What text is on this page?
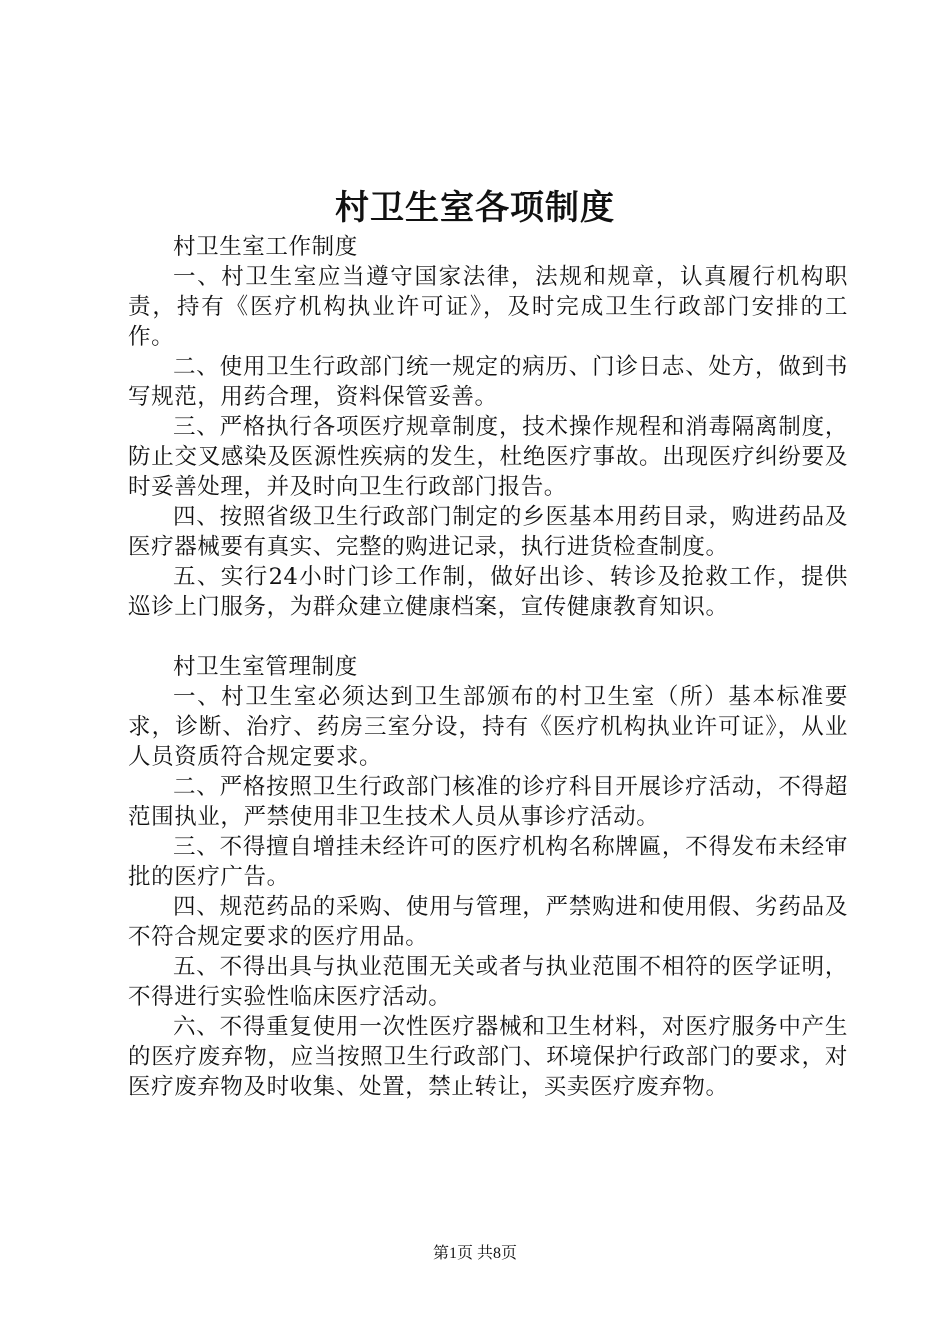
村卫生室各项制度

村卫生室工作制度

一、村卫生室应当遵守国家法律，法规和规章，认真履行机构职责，持有《医疗机构执业许可证》，及时完成卫生行政部门安排的工作。

二、使用卫生行政部门统一规定的病历、门诊日志、处方，做到书写规范，用药合理，资料保管妥善。

三、严格执行各项医疗规章制度，技术操作规程和消毒隔离制度，防止交叉感染及医源性疾病的发生，杜绝医疗事故。出现医疗纠纷要及时妥善处理，并及时向卫生行政部门报告。

四、按照省级卫生行政部门制定的乡医基本用药目录，购进药品及医疗器械要有真实、完整的购进记录，执行进货检查制度。

五、实行24小时门诊工作制，做好出诊、转诊及抢救工作，提供巡诊上门服务，为群众建立健康档案，宣传健康教育知识。

村卫生室管理制度

一、村卫生室必须达到卫生部颁布的村卫生室（所）基本标准要求，诊断、治疗、药房三室分设，持有《医疗机构执业许可证》，从业人员资质符合规定要求。

二、严格按照卫生行政部门核准的诊疗科目开展诊疗活动，不得超范围执业，严禁使用非卫生技术人员从事诊疗活动。

三、不得擅自增挂未经许可的医疗机构名称牌匾，不得发布未经审批的医疗广告。

四、规范药品的采购、使用与管理，严禁购进和使用假、劣药品及不符合规定要求的医疗用品。

五、不得出具与执业范围无关或者与执业范围不相符的医学证明，不得进行实验性临床医疗活动。

六、不得重复使用一次性医疗器械和卫生材料，对医疗服务中产生的医疗废弃物，应当按照卫生行政部门、环境保护行政部门的要求，对医疗废弃物及时收集、处置，禁止转让，买卖医疗废弃物。

第1页 共8页
